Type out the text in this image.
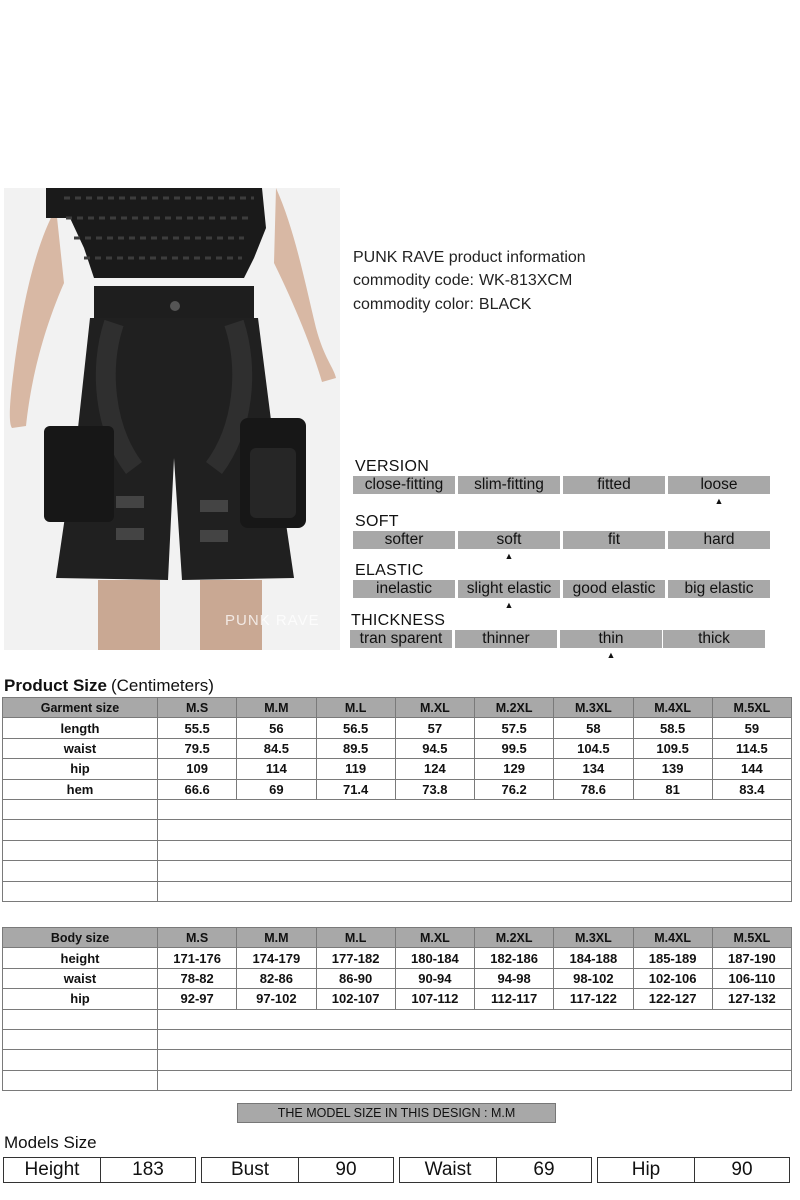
PUNK RAVE
PUNK RAVE product information
commodity code: WK-813XCM
commodity color: BLACK
VERSION
close-fitting	slim-fitting	fitted	loose
▲
SOFT
softer	soft	fit	hard
▲
ELASTIC
inelastic	slight elastic	good elastic	big elastic
▲
THICKNESS
tran sparent	thinner	thin	thick
▲
Product Size (Centimeters)
Garment size	M.S	M.M	M.L	M.XL	M.2XL	M.3XL	M.4XL	M.5XL
length	55.5	56	56.5	57	57.5	58	58.5	59
waist	79.5	84.5	89.5	94.5	99.5	104.5	109.5	114.5
hip	109	114	119	124	129	134	139	144
hem	66.6	69	71.4	73.8	76.2	78.6	81	83.4

Body size	M.S	M.M	M.L	M.XL	M.2XL	M.3XL	M.4XL	M.5XL
height	171-176	174-179	177-182	180-184	182-186	184-188	185-189	187-190
waist	78-82	82-86	86-90	90-94	94-98	98-102	102-106	106-110
hip	92-97	97-102	102-107	107-112	112-117	117-122	122-127	127-132

THE MODEL SIZE IN THIS DESIGN : M.M
Models Size
Height	183	Bust	90	Waist	69	Hip	90
